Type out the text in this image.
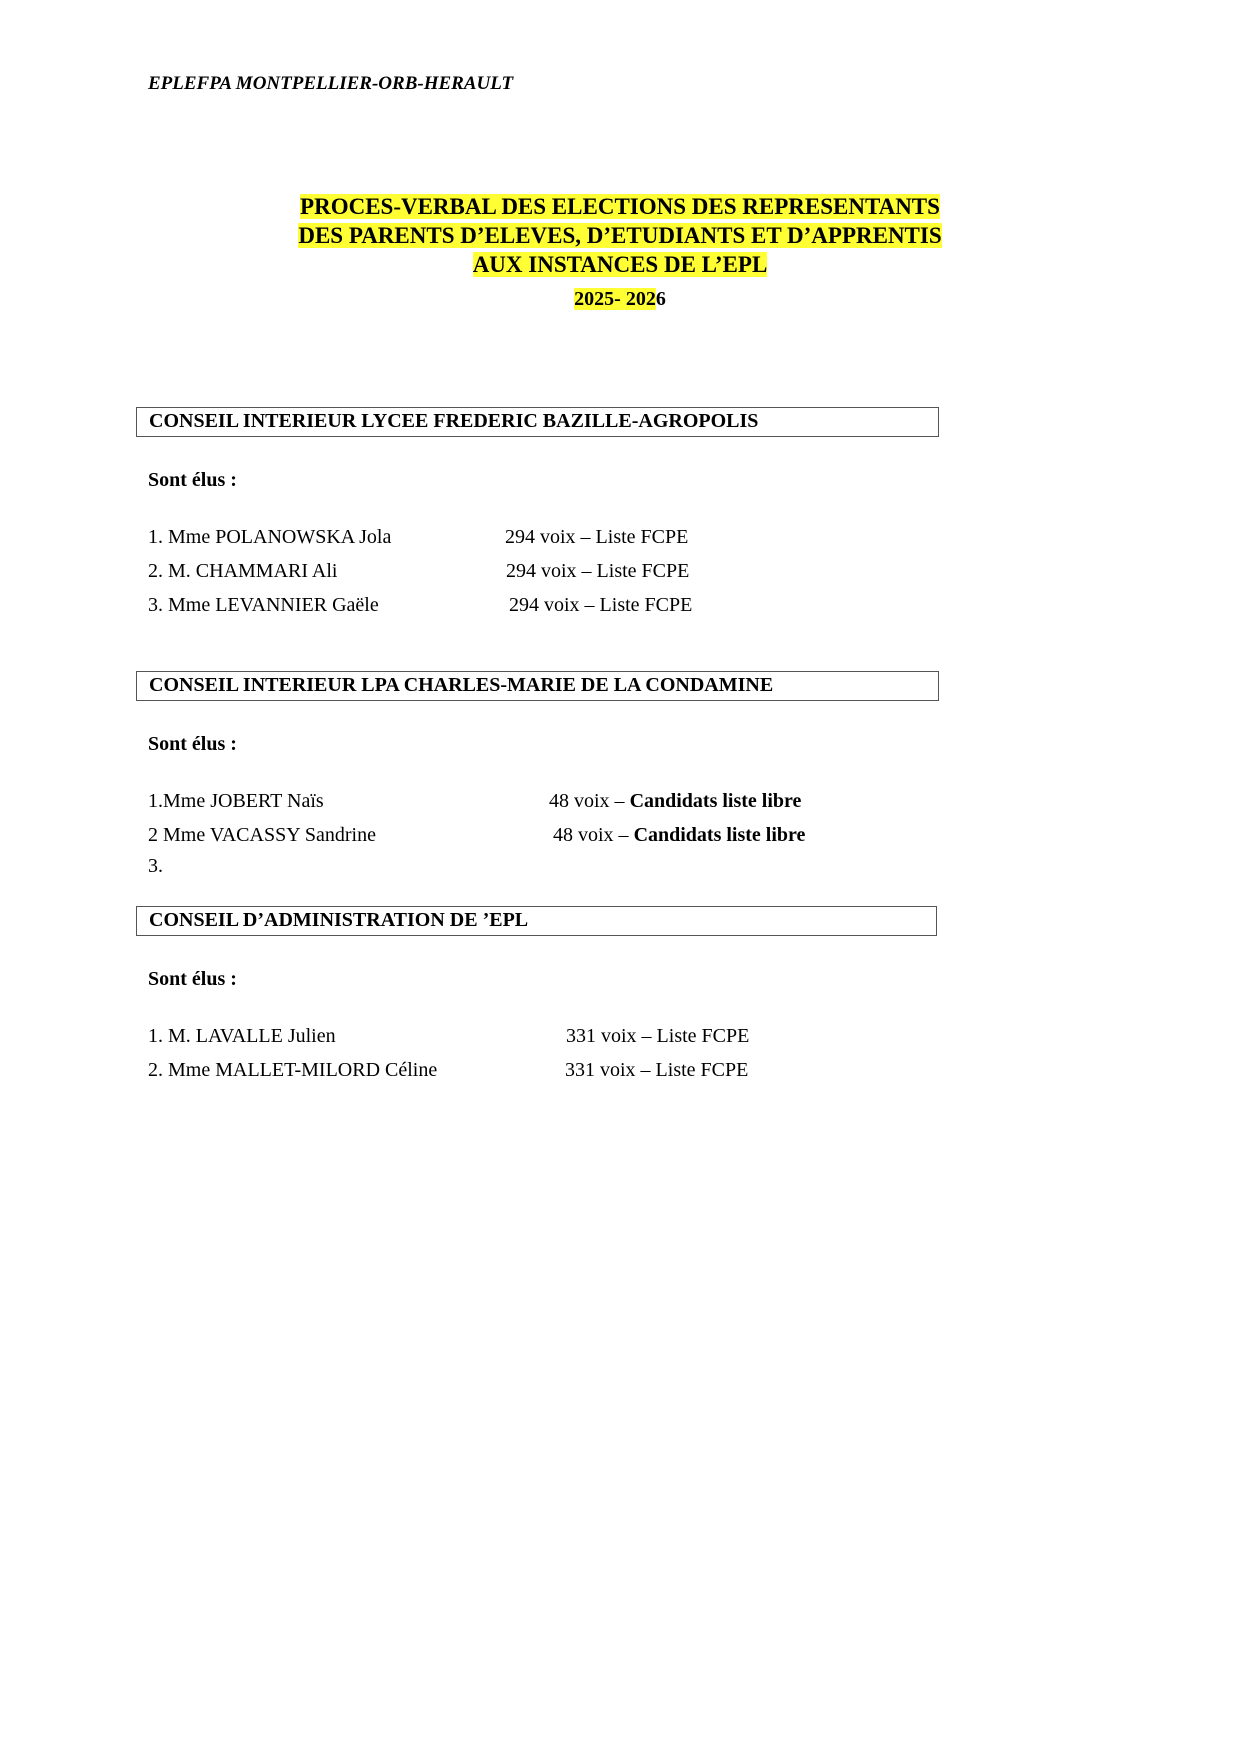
EPLEFPA MONTPELLIER-ORB-HERAULT
PROCES-VERBAL DES ELECTIONS DES REPRESENTANTS
DES PARENTS D’ELEVES, D’ETUDIANTS ET D’APPRENTIS
AUX INSTANCES DE L’EPL
2025- 2026
CONSEIL INTERIEUR LYCEE FREDERIC BAZILLE-AGROPOLIS
Sont élus :
1. Mme POLANOWSKA Jola	294 voix – Liste FCPE
2. M. CHAMMARI Ali	294 voix – Liste FCPE
3. Mme LEVANNIER Gaële	294 voix – Liste FCPE
CONSEIL INTERIEUR LPA CHARLES-MARIE DE LA CONDAMINE
Sont élus :
1.Mme JOBERT Naïs	48 voix – Candidats liste libre
2 Mme VACASSY Sandrine	48 voix – Candidats liste libre
3.
CONSEIL D’ADMINISTRATION DE ’EPL
Sont élus :
1. M. LAVALLE Julien	331 voix – Liste FCPE
2. Mme MALLET-MILORD Céline	331 voix – Liste FCPE
